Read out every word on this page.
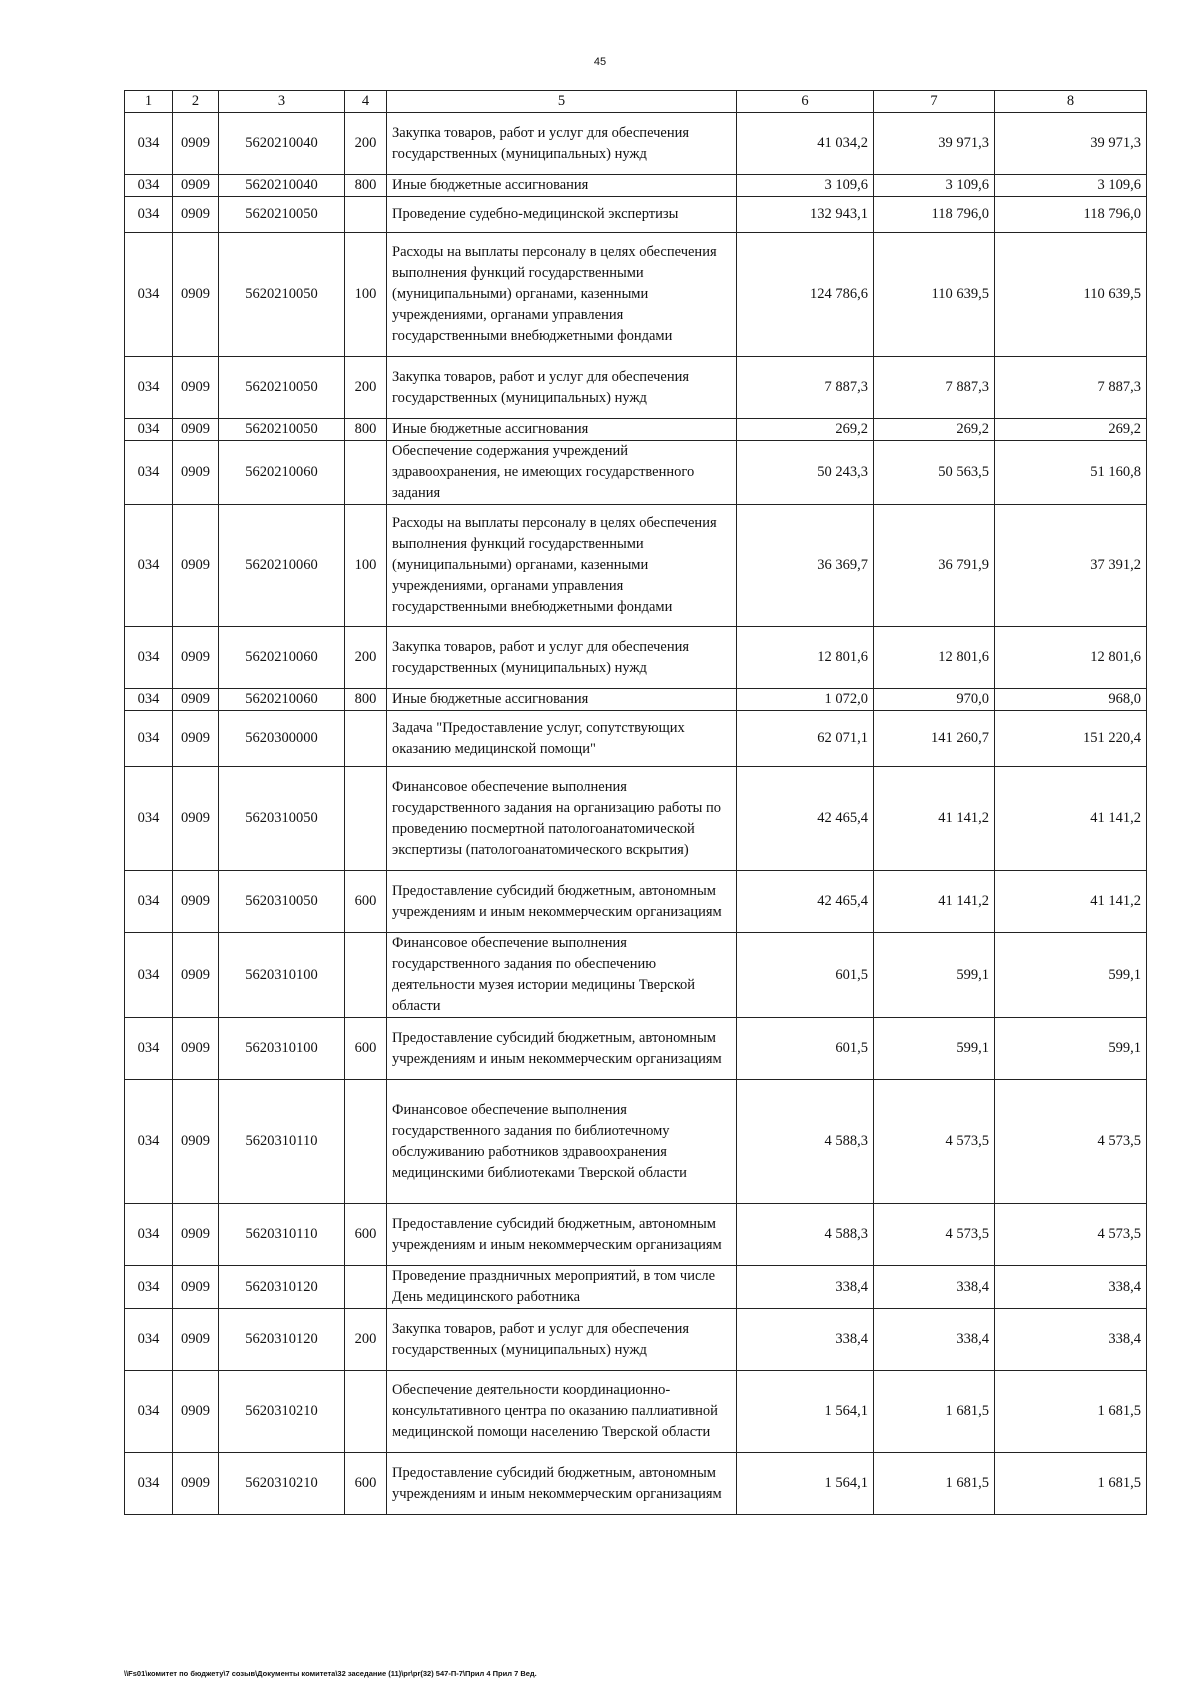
45
1	2	3	4	5	6	7	8
034	0909	5620210040	200	Закупка товаров, работ и услуг для обеспечения государственных (муниципальных) нужд	41 034,2	39 971,3	39 971,3
034	0909	5620210040	800	Иные бюджетные ассигнования	3 109,6	3 109,6	3 109,6
034	0909	5620210050		Проведение судебно-медицинской экспертизы	132 943,1	118 796,0	118 796,0
034	0909	5620210050	100	Расходы на выплаты персоналу в целях обеспечения выполнения функций государственными (муниципальными) органами, казенными учреждениями, органами управления государственными внебюджетными фондами	124 786,6	110 639,5	110 639,5
034	0909	5620210050	200	Закупка товаров, работ и услуг для обеспечения государственных (муниципальных) нужд	7 887,3	7 887,3	7 887,3
034	0909	5620210050	800	Иные бюджетные ассигнования	269,2	269,2	269,2
034	0909	5620210060		Обеспечение содержания учреждений здравоохранения, не имеющих государственного задания	50 243,3	50 563,5	51 160,8
034	0909	5620210060	100	Расходы на выплаты персоналу в целях обеспечения выполнения функций государственными (муниципальными) органами, казенными учреждениями, органами управления государственными внебюджетными фондами	36 369,7	36 791,9	37 391,2
034	0909	5620210060	200	Закупка товаров, работ и услуг для обеспечения государственных (муниципальных) нужд	12 801,6	12 801,6	12 801,6
034	0909	5620210060	800	Иные бюджетные ассигнования	1 072,0	970,0	968,0
034	0909	5620300000		Задача "Предоставление услуг, сопутствующих оказанию медицинской помощи"	62 071,1	141 260,7	151 220,4
034	0909	5620310050		Финансовое обеспечение выполнения государственного задания на организацию работы по проведению посмертной патологоанатомической экспертизы (патологоанатомического вскрытия)	42 465,4	41 141,2	41 141,2
034	0909	5620310050	600	Предоставление субсидий бюджетным, автономным учреждениям и иным некоммерческим организациям	42 465,4	41 141,2	41 141,2
034	0909	5620310100		Финансовое обеспечение выполнения государственного задания по обеспечению деятельности музея истории медицины Тверской области	601,5	599,1	599,1
034	0909	5620310100	600	Предоставление субсидий бюджетным, автономным учреждениям и иным некоммерческим организациям	601,5	599,1	599,1
034	0909	5620310110		Финансовое обеспечение выполнения государственного задания по библиотечному обслуживанию работников здравоохранения медицинскими библиотеками Тверской области	4 588,3	4 573,5	4 573,5
034	0909	5620310110	600	Предоставление субсидий бюджетным, автономным учреждениям и иным некоммерческим организациям	4 588,3	4 573,5	4 573,5
034	0909	5620310120		Проведение праздничных мероприятий, в том числе День медицинского работника	338,4	338,4	338,4
034	0909	5620310120	200	Закупка товаров, работ и услуг для обеспечения государственных (муниципальных) нужд	338,4	338,4	338,4
034	0909	5620310210		Обеспечение деятельности координационно-консультативного центра по оказанию паллиативной медицинской помощи населению Тверской области	1 564,1	1 681,5	1 681,5
034	0909	5620310210	600	Предоставление субсидий бюджетным, автономным учреждениям и иным некоммерческим организациям	1 564,1	1 681,5	1 681,5
\\Fs01\комитет по бюджету\7 созыв\Документы комитета\32 заседание (11)\pr\pr(32) 547-П-7\Прил 4 Прил 7 Вед.
